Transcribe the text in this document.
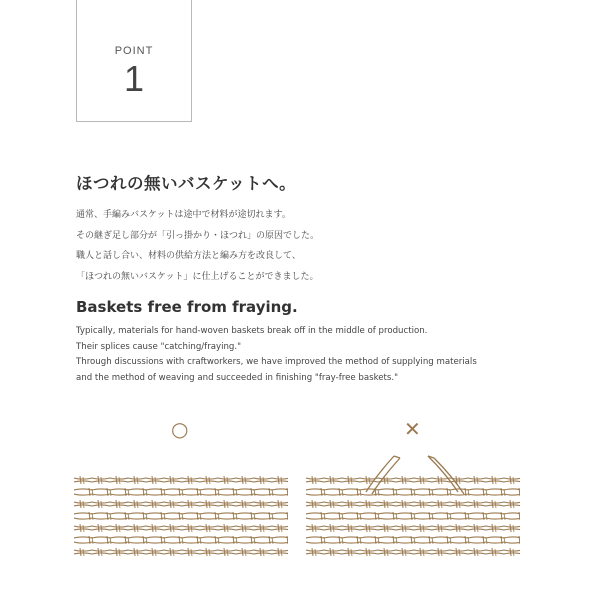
POINT
1
ほつれの無いバスケットへ。
通常、手編みバスケットは途中で材料が途切れます。
その継ぎ足し部分が「引っ掛かり・ほつれ」の原因でした。
職人と話し合い、材料の供給方法と編み方を改良して、
「ほつれの無いバスケット」に仕上げることができました。
Baskets free from fraying.
Typically, materials for hand-woven baskets break off in the middle of production.
Their splices cause "catching/fraying."
Through discussions with craftworkers, we have improved the method of supplying materials
and the method of weaving and succeeded in finishing "fray-free baskets."
○	✕
